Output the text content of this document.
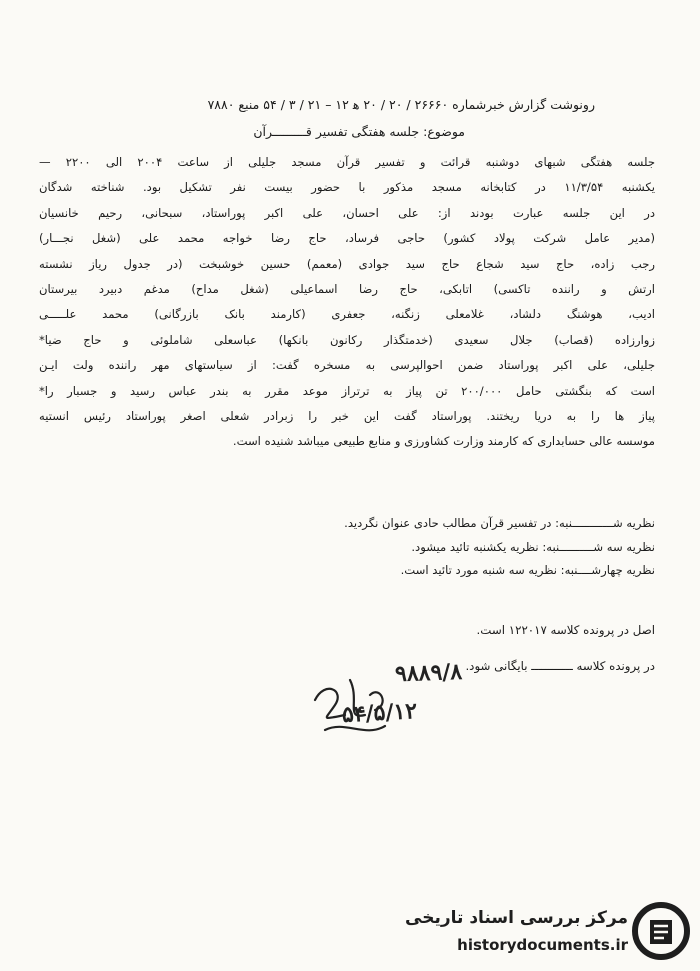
رونوشت گزارش خبرشماره ۲۶۶۶۰ / ۲۰ / ۲۰ ه‍ ۱۲ – ۲۱ / ۳ / ۵۴ منبع ۷۸۸۰
موضوع: جلسه هفتگی تفسیر قـــــــــرآن

جلسه هفتگی شبهای دوشنبه قرائت و تفسیر قرآن مسجد جلیلی از ساعت ۲۰۰۴ الی ۲۲۰۰ —

یکشنبه ۱۱/۳/۵۴ در کتابخانه مسجد مذکور با حضور بیست نفر تشکیل بود. شناخته شدگان

در این جلسه عبارت بودند از: علی احسان، علی اکبر پوراستاد، سبحانی، رحیم خانسیان

(مدیر عامل شرکت پولاد کشور) حاجی فرساد، حاج رضا خواجه محمد علی (شغل نجـــار)

رجب زاده، حاج سید شجاع حاج سید جوادی (معمم) حسین خوشبخت (در جدول ریاز نشسته

ارتش و راننده تاکسی) اتابکی، حاج رضا اسماعیلی (شغل مداح) مدغم دبیرد بیرستان

ادیب، هوشنگ دلشاد، غلامعلی زنگنه، جعفری (کارمند بانک بازرگانی) محمد علـــــی

زوارزاده (قصاب) جلال سعیدی (خدمتگذار رکانون بانکها) عباسعلی شاملوئی و حاج ضیا*

جلیلی، علی اکبر پوراستاد ضمن احوالپرسی به مسخره گفت: از سیاستهای مهر راننده ولت ایـن

است که بنگشتی حامل ۲۰۰/۰۰۰ تن پیاز به ترتراز موعد مقرر به بندر عباس رسید و جسبار را*

پیاز ها را به دریا ریختند. پوراستاد گفت این خبر را زبرادر شعلی اصغر پوراستاد رئیس انستیه

موسسه عالی حسابداری که کارمند وزارت کشاورزی و منابع طبیعی میباشد شنیده است.

نظریه شــــــــــــنبه: در تفسیر قرآن مطالب حادی عنوان نگردید.

نظریه سه شــــــــــنبه: نظریه یکشنبه تائید میشود.

نظریه چهارشــــنبه: نظریه سه شنبه مورد تائید است.

اصل در پرونده کلاسه ۱۲۲۰۱۷ است.

در پرونده کلاسه ــــــــــــ بایگانی شود.

۹۸۸۹/۸
۵۴/۵/۱۲
مرکز بررسی اسناد تاریخی
historydocuments.ir
